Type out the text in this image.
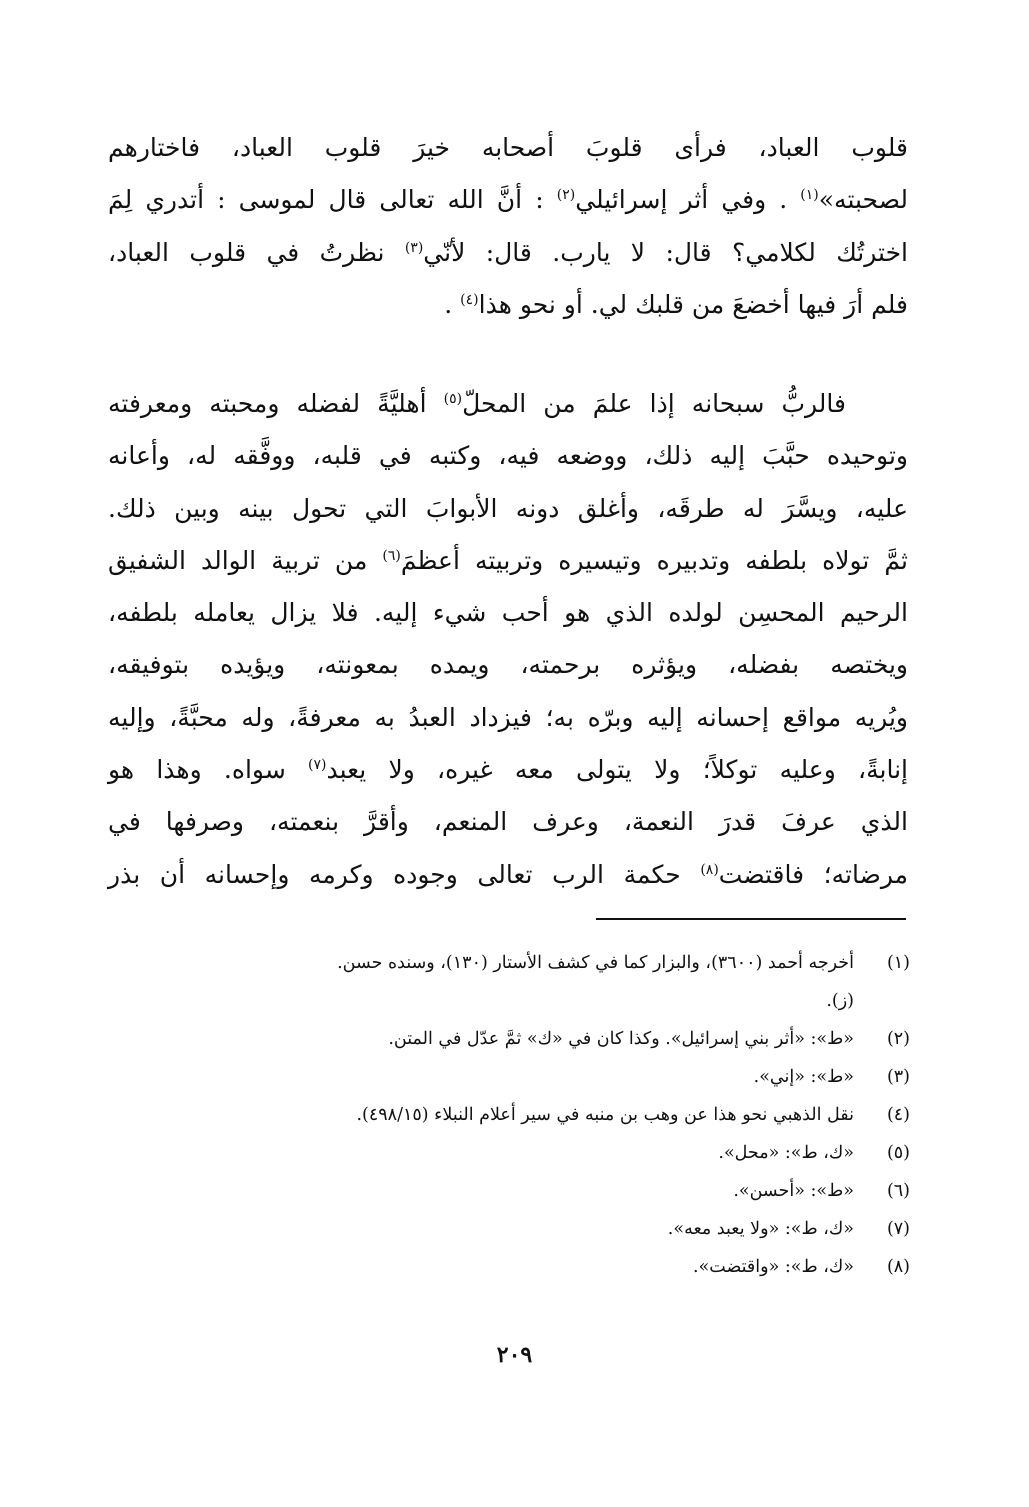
قلوب العباد، فرأى قلوبَ أصحابه خيرَ قلوب العباد، فاختارهم
لصحبته»$^{(١)}$ . وفي أثر إسرائيلي$^{(٢)}$ : أنَّ الله تعالى قال لموسى : أتدري لِمَ
اخترتُك لكلامي؟ قال: لا يارب. قال: لأنّي$^{(٣)}$ نظرتُ في قلوب العباد،
فلم أرَ فيها أخضعَ من قلبك لي. أو نحو هذا$^{(٤)}$ .
فالربُّ سبحانه إذا علمَ من المحلّ$^{(٥)}$ أهليَّةً لفضله ومحبته ومعرفته
وتوحيده حبَّبَ إليه ذلك، ووضعه فيه، وكتبه في قلبه، ووفَّقه له، وأعانه
عليه، ويسَّرَ له طرقَه، وأغلق دونه الأبوابَ التي تحول بينه وبين ذلك.
ثمَّ تولاه بلطفه وتدبيره وتيسيره وتربيته أعظمَ$^{(٦)}$ من تربية الوالد الشفيق
الرحيم المحسِن لولده الذي هو أحب شيء إليه. فلا يزال يعامله بلطفه،
ويختصه بفضله، ويؤثره برحمته، ويمده بمعونته، ويؤيده بتوفيقه،
ويُريه مواقع إحسانه إليه وبرّه به؛ فيزداد العبدُ به معرفةً، وله محبَّةً، وإليه
إنابةً، وعليه توكلاً؛ ولا يتولى معه غيره، ولا يعبد$^{(٧)}$ سواه. وهذا هو
الذي عرفَ قدرَ النعمة، وعرف المنعم، وأقرَّ بنعمته، وصرفها في
مرضاته؛ فاقتضت$^{(٨)}$ حكمة الرب تعالى وجوده وكرمه وإحسانه أن بذر
(١)
أخرجه أحمد (٣٦٠٠)، والبزار كما في كشف الأستار (١٣٠)، وسنده حسن.
(ز).
(٢)
«ط»: «أثر بني إسرائيل». وكذا كان في «ك» ثمَّ عدّل في المتن.
(٣)
«ط»: «إني».
(٤)
نقل الذهبي نحو هذا عن وهب بن منبه في سير أعلام النبلاء (٤٩٨/١٥).
(٥)
«ك، ط»: «محل».
(٦)
«ط»: «أحسن».
(٧)
«ك، ط»: «ولا يعبد معه».
(٨)
«ك، ط»: «واقتضت».
٢٠٩
